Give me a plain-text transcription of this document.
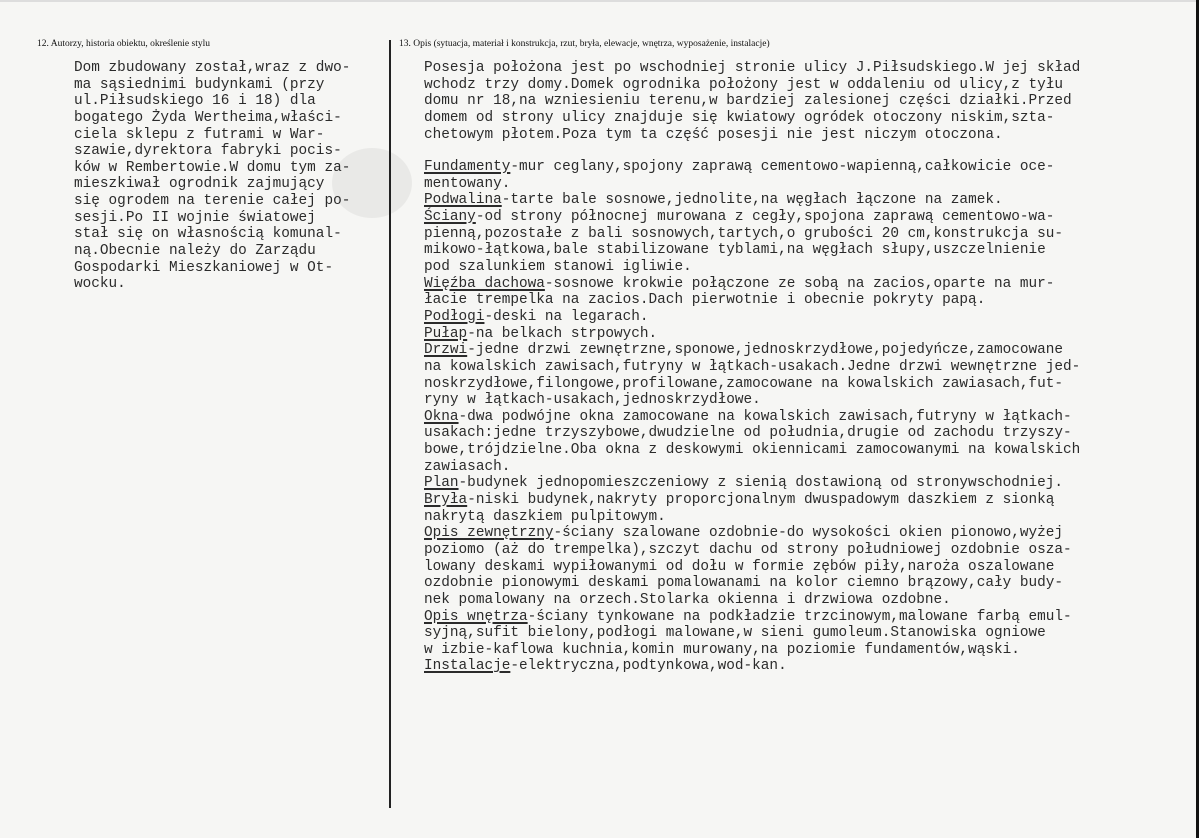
12. Autorzy, historia obiektu, określenie stylu	13. Opis (sytuacja, materiał i konstrukcja, rzut, bryła, elewacje, wnętrza, wyposażenie, instalacje)
Dom zbudowany został,wraz z dwo-
ma sąsiednimi budynkami (przy
ul.Piłsudskiego 16 i 18) dla
bogatego Żyda Wertheima,właści-
ciela sklepu z futrami w War-
szawie,dyrektora fabryki pocis-
ków w Rembertowie.W domu tym za-
mieszkiwał ogrodnik zajmujący
się ogrodem na terenie całej po-
sesji.Po II wojnie światowej
stał się on własnością komunal-
ną.Obecnie należy do Zarządu
Gospodarki Mieszkaniowej w Ot-
wocku.
Posesja położona jest po wschodniej stronie ulicy J.Piłsudskiego.W jej skład
wchodz trzy domy.Domek ogrodnika położony jest w oddaleniu od ulicy,z tyłu
domu nr 18,na wzniesieniu terenu,w bardziej zalesionej części działki.Przed
domem od strony ulicy znajduje się kwiatowy ogródek otoczony niskim,szta-
chetowym płotem.Poza tym ta część posesji nie jest niczym otoczona.
Fundamenty-mur ceglany,spojony zaprawą cementowo-wapienną,całkowicie oce-
mentowany.
Podwalina-tarte bale sosnowe,jednolite,na węgłach łączone na zamek.
Ściany-od strony północnej murowana z cegły,spojona zaprawą cementowo-wa-
pienną,pozostałe z bali sosnowych,tartych,o grubości 20 cm,konstrukcja su-
mikowo-łątkowa,bale stabilizowane tyblami,na węgłach słupy,uszczelnienie
pod szalunkiem stanowi igliwie.
Więźba dachowa-sosnowe krokwie połączone ze sobą na zacios,oparte na mur-
łacie trempelka na zacios.Dach pierwotnie i obecnie pokryty papą.
Podłogi-deski na legarach.
Pułap-na belkach strpowych.
Drzwi-jedne drzwi zewnętrzne,sponowe,jednoskrzydłowe,pojedyńcze,zamocowane
na kowalskich zawisach,futryny w łątkach-usakach.Jedne drzwi wewnętrzne jed-
noskrzydłowe,filongowe,profilowane,zamocowane na kowalskich zawiasach,fut-
ryny w łątkach-usakach,jednoskrzydłowe.
Okna-dwa podwójne okna zamocowane na kowalskich zawisach,futryny w łątkach-
usakach:jedne trzyszybowe,dwudzielne od południa,drugie od zachodu trzyszy-
bowe,trójdzielne.Oba okna z deskowymi okiennicami zamocowanymi na kowalskich
zawiasach.
Plan-budynek jednopomieszczeniowy z sienią dostawioną od stronywschodniej.
Bryła-niski budynek,nakryty proporcjonalnym dwuspadowym daszkiem z sionką
nakrytą daszkiem pulpitowym.
Opis zewnętrzny-ściany szalowane ozdobnie-do wysokości okien pionowo,wyżej
poziomo (aż do trempelka),szczyt dachu od strony południowej ozdobnie osza-
lowany deskami wypiłowanymi od dołu w formie zębów piły,naroża oszalowane
ozdobnie pionowymi deskami pomalowanami na kolor ciemno brązowy,cały budy-
nek pomalowany na orzech.Stolarka okienna i drzwiowa ozdobne.
Opis wnętrza-ściany tynkowane na podkładzie trzcinowym,malowane farbą emul-
syjną,sufit bielony,podłogi malowane,w sieni gumoleum.Stanowiska ogniowe
w izbie-kaflowa kuchnia,komin murowany,na poziomie fundamentów,wąski.
Instalacje-elektryczna,podtynkowa,wod-kan.
